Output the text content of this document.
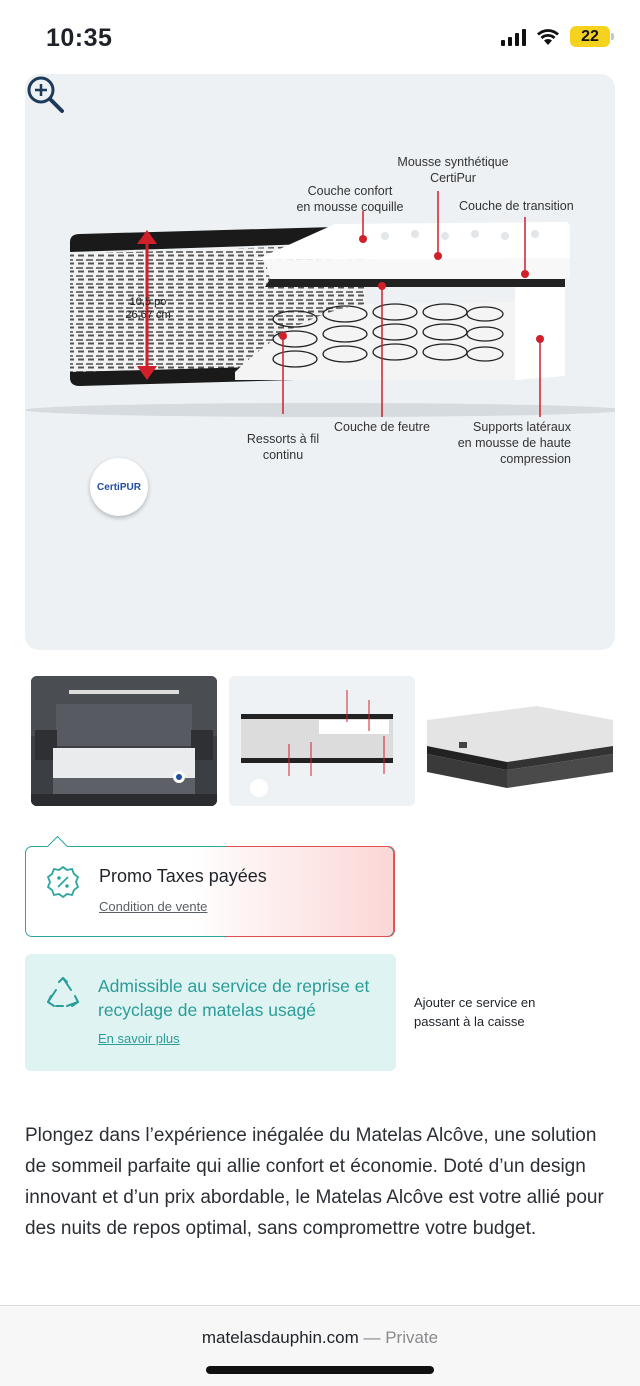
10:35	22
Mousse synthétique
CertiPur
Couche confort
en mousse coquille	Couche de transition
10,5 po
26,67 cm
Ressorts à fil
continu
Couche de feutre	Supports latéraux
en mousse de haute
compression
CertiPUR
Promo Taxes payées
Condition de vente
Admissible au service de reprise et recyclage de matelas usagé
En savoir plus
Ajouter ce service en passant à la caisse

Plongez dans l’expérience inégalée du Matelas Alcôve, une solution de sommeil parfaite qui allie confort et économie. Doté d’un design innovant et d’un prix abordable, le Matelas Alcôve est votre allié pour des nuits de repos optimal, sans compromettre votre budget.

matelasdauphin.com — Private
